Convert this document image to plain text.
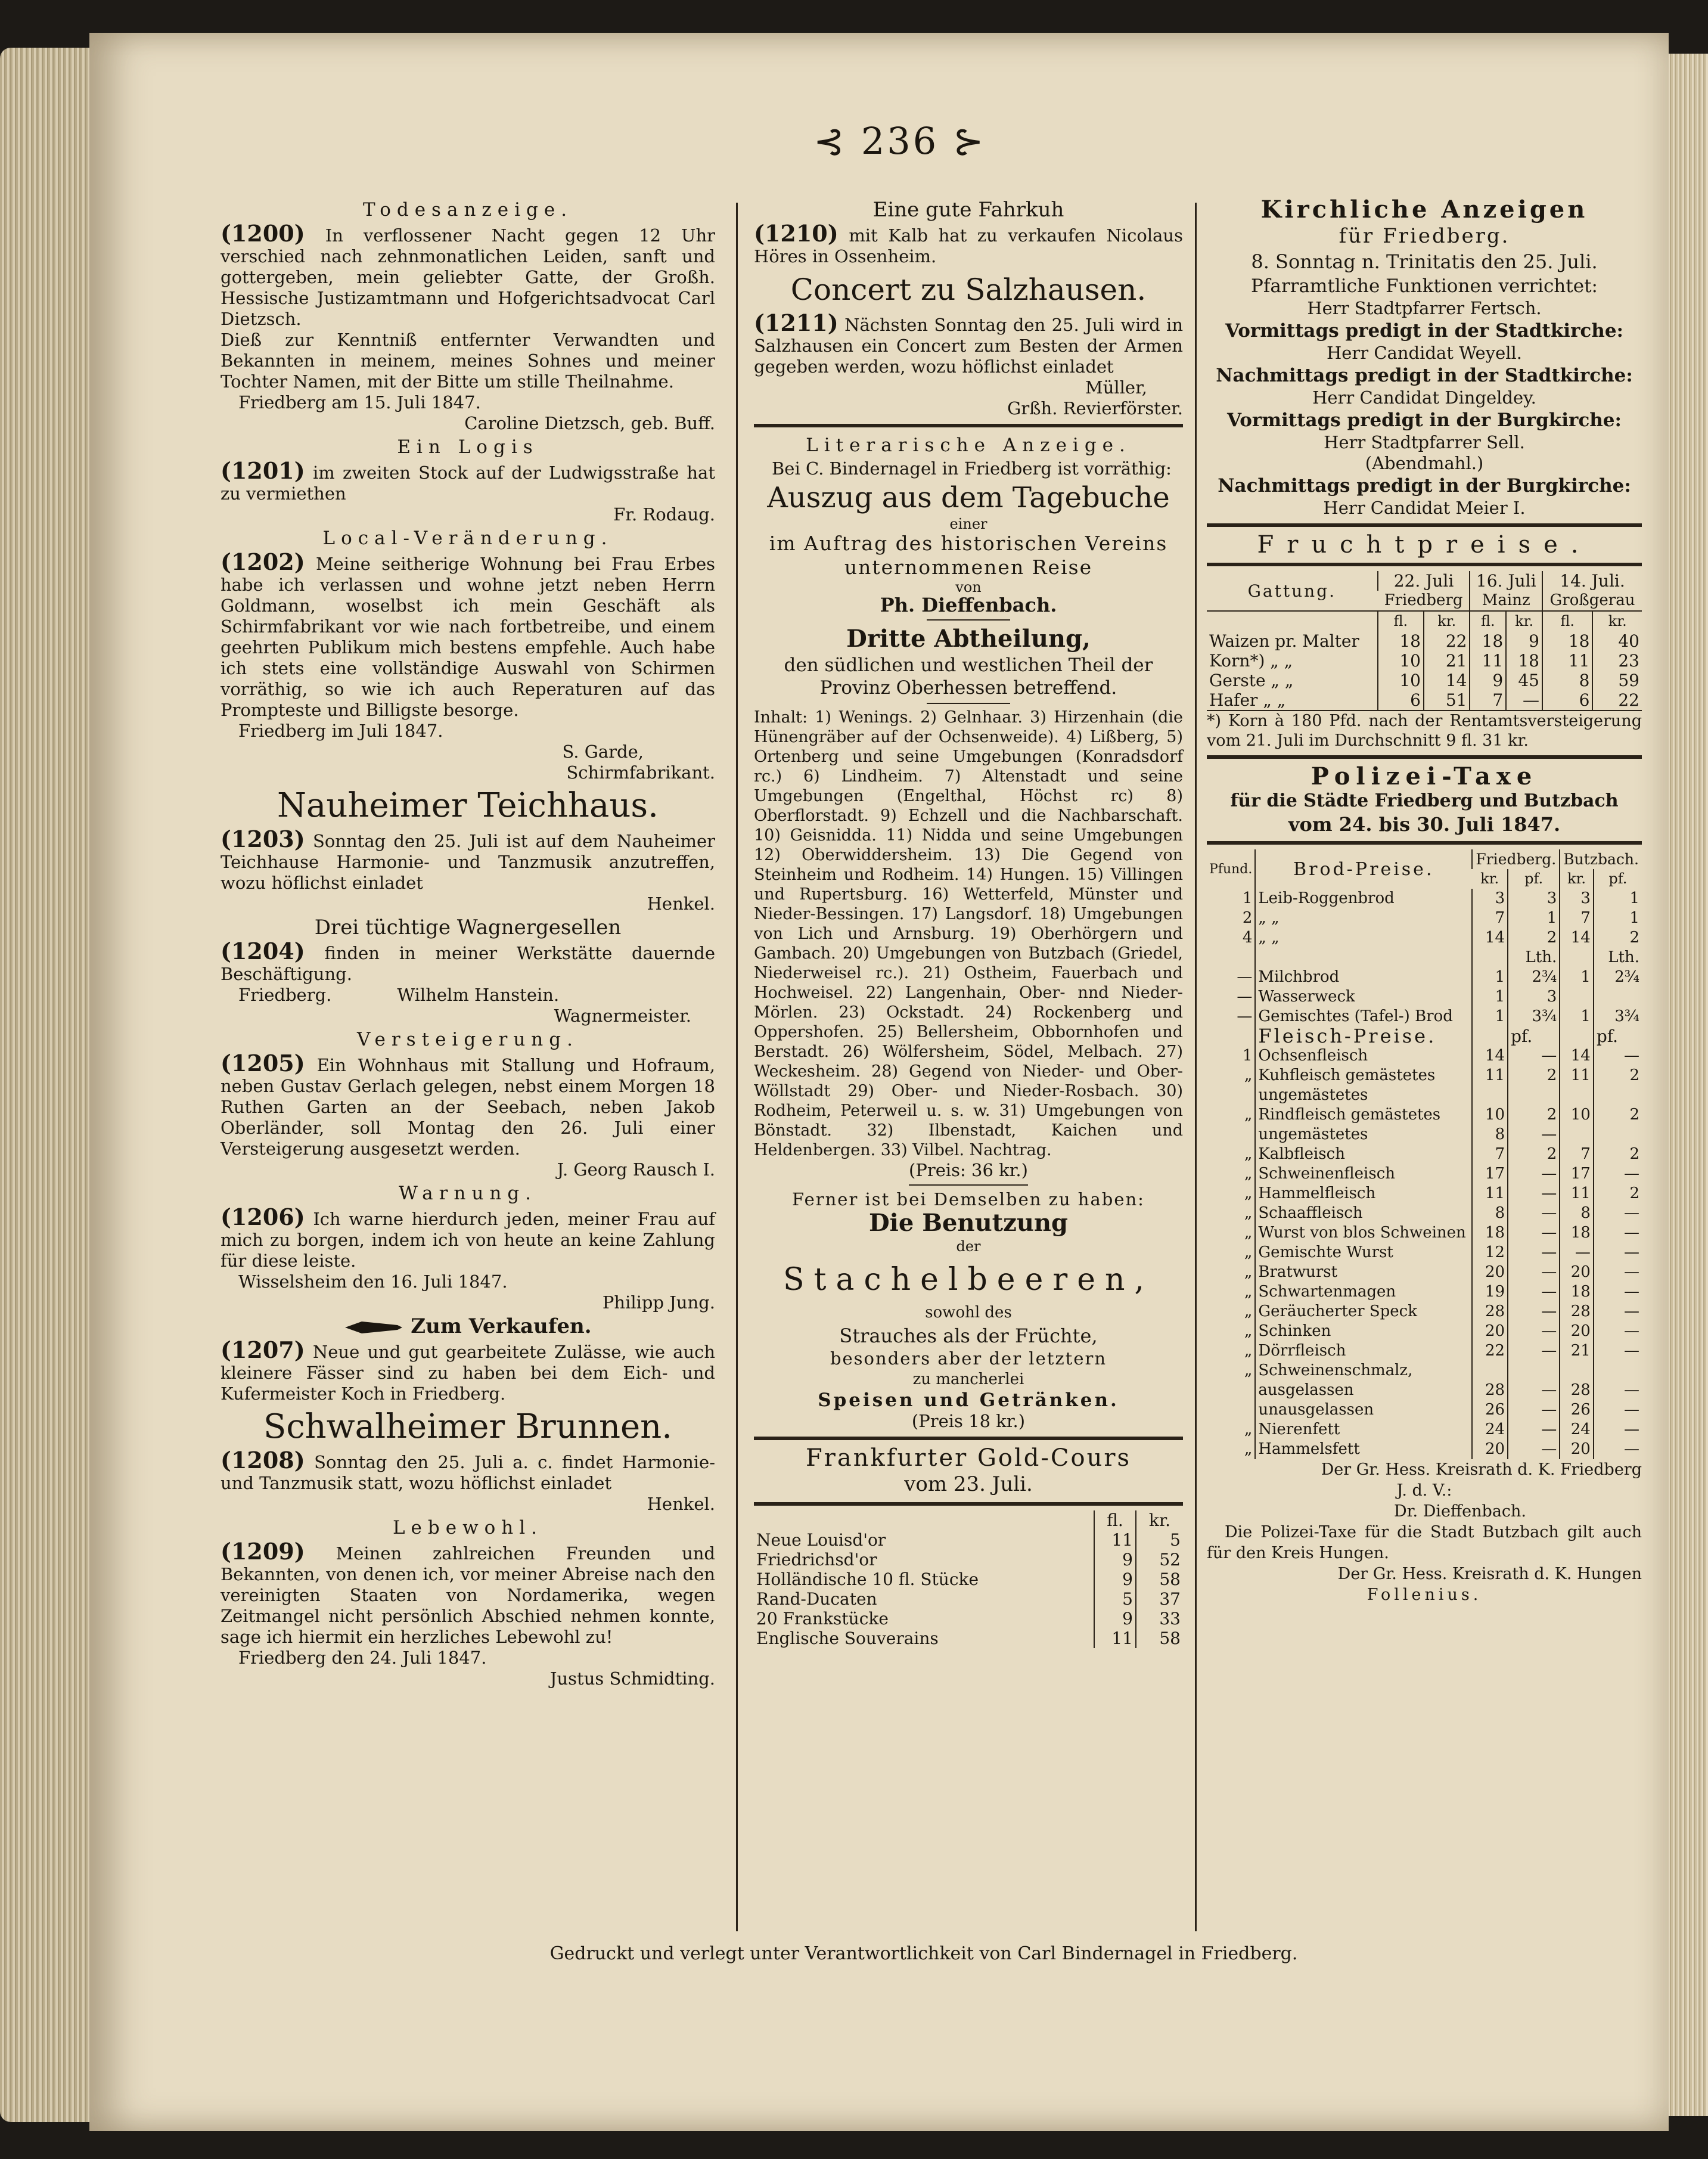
⊰ 236 ⊱
Todesanzeige.

(1200) In verflossener Nacht gegen 12 Uhr verschied nach zehnmonatlichen Leiden, sanft und gottergeben, mein geliebter Gatte, der Großh. Hessische Justizamtmann und Hofgerichtsadvocat Carl Dietzsch.

Dieß zur Kenntniß entfernter Verwandten und Bekannten in meinem, meines Sohnes und meiner Tochter Namen, mit der Bitte um stille Theilnahme.

Friedberg am 15. Juli 1847.

Caroline Dietzsch, geb. Buff.

Ein Logis

(1201) im zweiten Stock auf der Ludwigsstraße hat zu vermiethen

Fr. Rodaug.

Local-Veränderung.

(1202) Meine seitherige Wohnung bei Frau Erbes habe ich verlassen und wohne jetzt neben Herrn Goldmann, woselbst ich mein Geschäft als Schirmfabrikant vor wie nach fortbetreibe, und einem geehrten Publikum mich bestens empfehle. Auch habe ich stets eine vollständige Auswahl von Schirmen vorräthig, so wie ich auch Reperaturen auf das Prompteste und Billigste besorge.

Friedberg im Juli 1847.

S. Garde,

Schirmfabrikant.

Nauheimer Teichhaus.

(1203) Sonntag den 25. Juli ist auf dem Nauheimer Teichhause Harmonie- und Tanzmusik anzutreffen, wozu höflichst einladet

Henkel.

Drei tüchtige Wagnergesellen

(1204) finden in meiner Werkstätte dauernde Beschäftigung.

Friedberg.	Wilhelm Hanstein.

Wagnermeister.

Versteigerung.

(1205) Ein Wohnhaus mit Stallung und Hofraum, neben Gustav Gerlach gelegen, nebst einem Morgen 18 Ruthen Garten an der Seebach, neben Jakob Oberländer, soll Montag den 26. Juli einer Versteigerung ausgesetzt werden.

J. Georg Rausch I.

Warnung.

(1206) Ich warne hierdurch jeden, meiner Frau auf mich zu borgen, indem ich von heute an keine Zahlung für diese leiste.

Wisselsheim den 16. Juli 1847.

Philipp Jung.

Zum Verkaufen.

(1207) Neue und gut gearbeitete Zulässe, wie auch kleinere Fässer sind zu haben bei dem Eich- und Kufermeister Koch in Friedberg.

Schwalheimer Brunnen.

(1208) Sonntag den 25. Juli a. c. findet Harmonie- und Tanzmusik statt, wozu höflichst einladet

Henkel.

Lebewohl.

(1209) Meinen zahlreichen Freunden und Bekannten, von denen ich, vor meiner Abreise nach den vereinigten Staaten von Nordamerika, wegen Zeitmangel nicht persönlich Abschied nehmen konnte, sage ich hiermit ein herzliches Lebewohl zu!

Friedberg den 24. Juli 1847.

Justus Schmidting.

Eine gute Fahrkuh

(1210) mit Kalb hat zu verkaufen Nicolaus Höres in Ossenheim.

Concert zu Salzhausen.

(1211) Nächsten Sonntag den 25. Juli wird in Salzhausen ein Concert zum Besten der Armen gegeben werden, wozu höflichst einladet

Müller,

Grßh. Revierförster.

Literarische Anzeige.

Bei C. Bindernagel in Friedberg ist vorräthig:

Auszug aus dem Tagebuche

einer

im Auftrag des historischen Vereins unternommenen Reise

von

Ph. Dieffenbach.

Dritte Abtheilung,

den südlichen und westlichen Theil der Provinz Oberhessen betreffend.

Inhalt: 1) Wenings. 2) Gelnhaar. 3) Hirzenhain (die Hünengräber auf der Ochsenweide). 4) Lißberg, 5) Ortenberg und seine Umgebungen (Konradsdorf rc.) 6) Lindheim. 7) Altenstadt und seine Umgebungen (Engelthal, Höchst rc) 8) Oberflorstadt. 9) Echzell und die Nachbarschaft. 10) Geisnidda. 11) Nidda und seine Umgebungen 12) Oberwiddersheim. 13) Die Gegend von Steinheim und Rodheim. 14) Hungen. 15) Villingen und Rupertsburg. 16) Wetterfeld, Münster und Nieder-Bessingen. 17) Langsdorf. 18) Umgebungen von Lich und Arnsburg. 19) Oberhörgern und Gambach. 20) Umgebungen von Butzbach (Griedel, Niederweisel rc.). 21) Ostheim, Fauerbach und Hochweisel. 22) Langenhain, Ober- nnd Nieder-Mörlen. 23) Ockstadt. 24) Rockenberg und Oppershofen. 25) Bellersheim, Obbornhofen und Berstadt. 26) Wölfersheim, Södel, Melbach. 27) Weckesheim. 28) Gegend von Nieder- und Ober-Wöllstadt 29) Ober- und Nieder-Rosbach. 30) Rodheim, Peterweil u. s. w. 31) Umgebungen von Bönstadt. 32) Ilbenstadt, Kaichen und Heldenbergen. 33) Vilbel. Nachtrag.

(Preis: 36 kr.)

Ferner ist bei Demselben zu haben:

Die Benutzung

der

Stachelbeeren,

sowohl des

Strauches als der Früchte,

besonders aber der letztern

zu mancherlei

Speisen und Getränken.

(Preis 18 kr.)

Frankfurter Gold-Cours
vom 23. Juli.
	fl.	kr.
Neue Louisd'or	11	5
Friedrichsd'or	9	52
Holländische 10 fl. Stücke	9	58
Rand-Ducaten	5	37
20 Frankstücke	9	33
Englische Souverains	11	58
Kirchliche Anzeigen
für Friedberg.

8. Sonntag n. Trinitatis den 25. Juli.

Pfarramtliche Funktionen verrichtet:

Herr Stadtpfarrer Fertsch.

Vormittags predigt in der Stadtkirche:

Herr Candidat Weyell.

Nachmittags predigt in der Stadtkirche:

Herr Candidat Dingeldey.

Vormittags predigt in der Burgkirche:

Herr Stadtpfarrer Sell.

(Abendmahl.)

Nachmittags predigt in der Burgkirche:

Herr Candidat Meier I.

Fruchtpreise.
Gattung.	22. Juli		16. Juli		14. Juli.	
	Friedberg		Mainz		Großgerau	
	fl.	kr.	fl.	kr.	fl.	kr.
Waizen pr. Malter	18	22	18	9	18	40
Korn*) „ „	10	21	11	18	11	23
Gerste „ „	10	14	9	45	8	59
Hafer „ „	6	51	7	—	6	22

*) Korn à 180 Pfd. nach der Rentamtsversteigerung vom 21. Juli im Durchschnitt 9 fl. 31 kr.

Polizei-Taxe

für die Städte Friedberg und Butzbach

vom 24. bis 30. Juli 1847.

Pfund.	Brod-Preise.	Friedberg.		Butzbach.	
		kr.	pf.	kr.	pf.
1	Leib-Roggenbrod	3	3	3	1
2	„ „	7	1	7	1
4	„ „	14	2	14	2
			Lth.		Lth.
—	Milchbrod	1	2¾	1	2¾
—	Wasserweck	1	3		
—	Gemischtes (Tafel-) Brod	1	3¾	1	3¾
	Fleisch-Preise.		pf.		pf.
1	Ochsenfleisch	14	—	14	—
„	Kuhfleisch gemästetes	11	2	11	2
	ungemästetes				
„	Rindfleisch gemästetes	10	2	10	2
	ungemästetes	8	—		
„	Kalbfleisch	7	2	7	2
„	Schweinenfleisch	17	—	17	—
„	Hammelfleisch	11	—	11	2
„	Schaaffleisch	8	—	8	—
„	Wurst von blos Schweinen	18	—	18	—
„	Gemischte Wurst	12	—	—	—
„	Bratwurst	20	—	20	—
„	Schwartenmagen	19	—	18	—
„	Geräucherter Speck	28	—	28	—
„	Schinken	20	—	20	—
„	Dörrfleisch	22	—	21	—
„	Schweinenschmalz,				
	ausgelassen	28	—	28	—
	unausgelassen	26	—	26	—
„	Nierenfett	24	—	24	—
„	Hammelsfett	20	—	20	—

Der Gr. Hess. Kreisrath d. K. Friedberg

J. d. V.:

Dr. Dieffenbach.

Die Polizei-Taxe für die Stadt Butzbach gilt auch für den Kreis Hungen.

Der Gr. Hess. Kreisrath d. K. Hungen

Follenius.

Gedruckt und verlegt unter Verantwortlichkeit von Carl Bindernagel in Friedberg.
